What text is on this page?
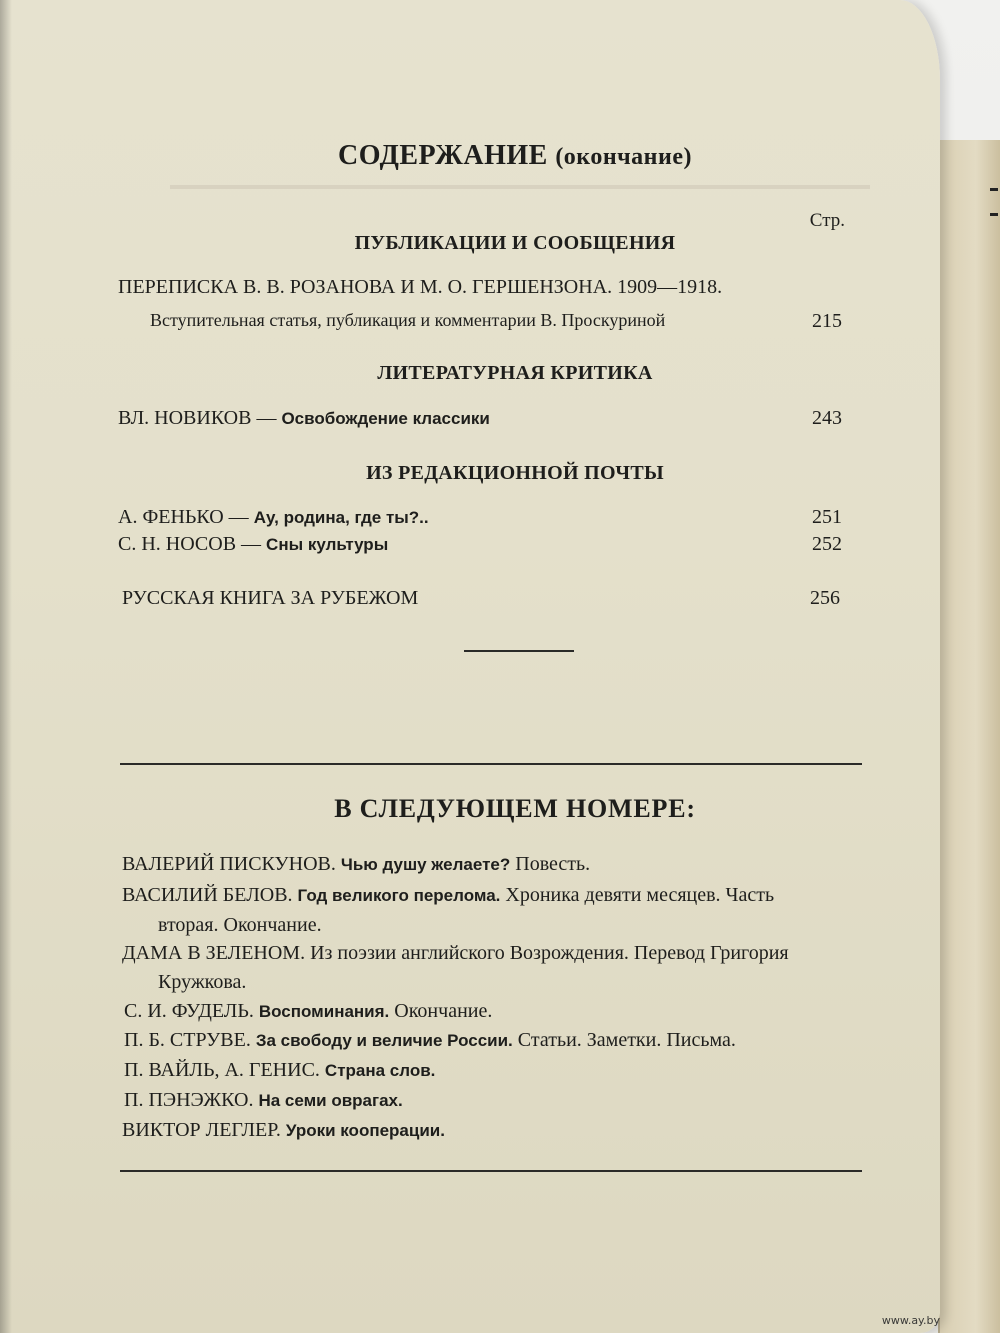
СОДЕРЖАНИЕ (окончание)
Стр.
ПУБЛИКАЦИИ И СООБЩЕНИЯ
ПЕРЕПИСКА В. В. РОЗАНОВА И М. О. ГЕРШЕНЗОНА. 1909—1918.
Вступительная статья, публикация и комментарии В. Проскуриной	215
ЛИТЕРАТУРНАЯ КРИТИКА
ВЛ. НОВИКОВ — Освобождение классики	243
ИЗ РЕДАКЦИОННОЙ ПОЧТЫ
А. ФЕНЬКО — Ау, родина, где ты?..	251
С. Н. НОСОВ — Сны культуры	252
РУССКАЯ КНИГА ЗА РУБЕЖОМ	256
В СЛЕДУЮЩЕМ НОМЕРЕ:
ВАЛЕРИЙ ПИСКУНОВ. Чью душу желаете? Повесть.
ВАСИЛИЙ БЕЛОВ. Год великого перелома. Хроника девяти месяцев. Часть
вторая. Окончание.
ДАМА В ЗЕЛЕНОМ. Из поэзии английского Возрождения. Перевод Григория
Кружкова.
С. И. ФУДЕЛЬ. Воспоминания. Окончание.
П. Б. СТРУВЕ. За свободу и величие России. Статьи. Заметки. Письма.
П. ВАЙЛЬ, А. ГЕНИС. Страна слов.
П. ПЭНЭЖКО. На семи оврагах.
ВИКТОР ЛЕГЛЕР. Уроки кооперации.
www.ay.by
